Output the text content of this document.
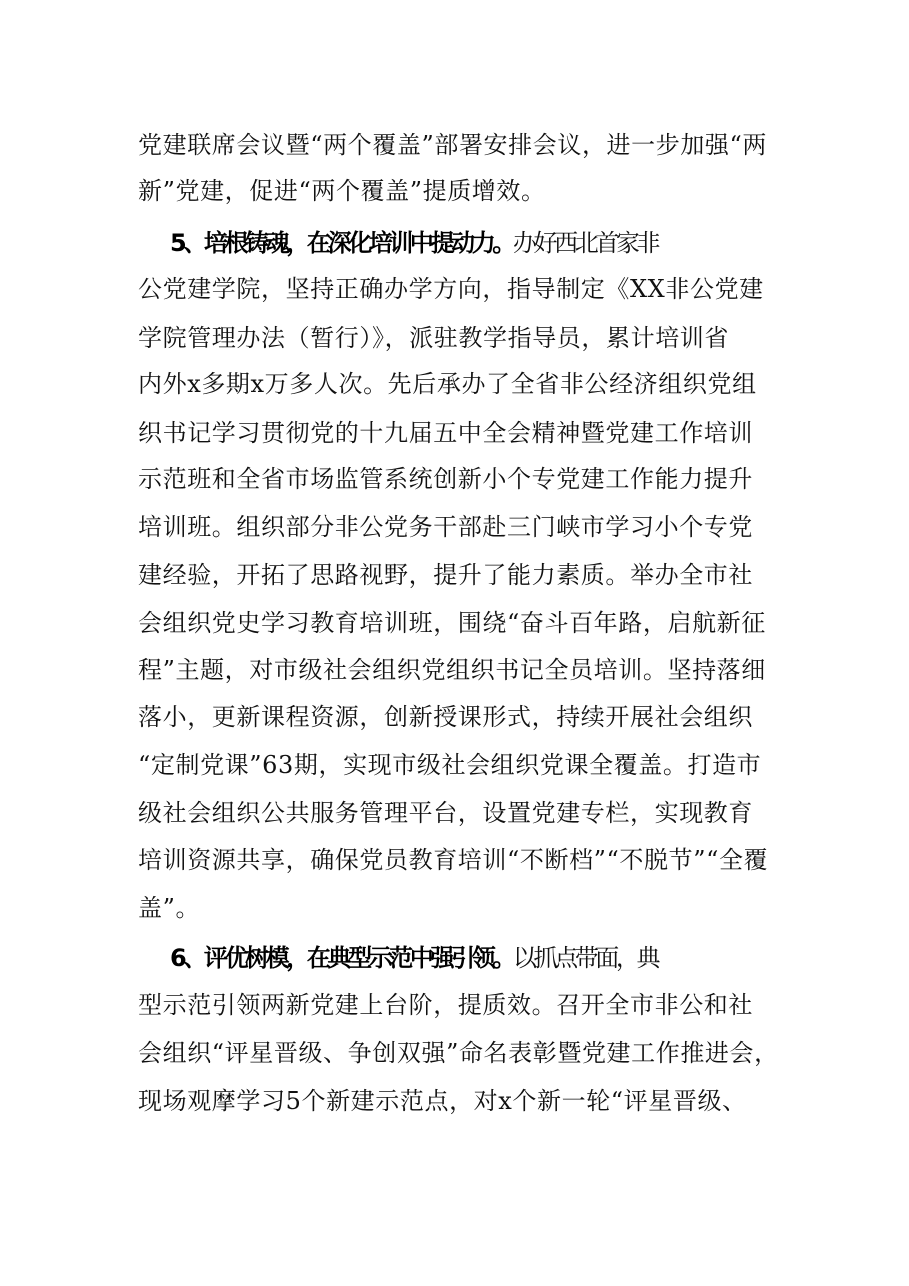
党建联席会议暨“两个覆盖”部署安排会议，进一步加强“两
新”党建，促进“两个覆盖”提质增效。
5、培根铸魂，在深化培训中提动力。办好西北首家非
公党建学院，坚持正确办学方向，指导制定《XX非公党建
学院管理办法（暂行）》，派驻教学指导员，累计培训省
内外x多期x万多人次。先后承办了全省非公经济组织党组
织书记学习贯彻党的十九届五中全会精神暨党建工作培训
示范班和全省市场监管系统创新小个专党建工作能力提升
培训班。组织部分非公党务干部赴三门峡市学习小个专党
建经验，开拓了思路视野，提升了能力素质。举办全市社
会组织党史学习教育培训班，围绕“奋斗百年路，启航新征
程”主题，对市级社会组织党组织书记全员培训。坚持落细
落小，更新课程资源，创新授课形式，持续开展社会组织
“定制党课”63期，实现市级社会组织党课全覆盖。打造市
级社会组织公共服务管理平台，设置党建专栏，实现教育
培训资源共享，确保党员教育培训“不断档”“不脱节”“全覆
盖”。
6、评优树模，在典型示范中强引领。以抓点带面，典
型示范引领两新党建上台阶，提质效。召开全市非公和社
会组织“评星晋级、争创双强”命名表彰暨党建工作推进会，
现场观摩学习5个新建示范点，对x个新一轮“评星晋级、
